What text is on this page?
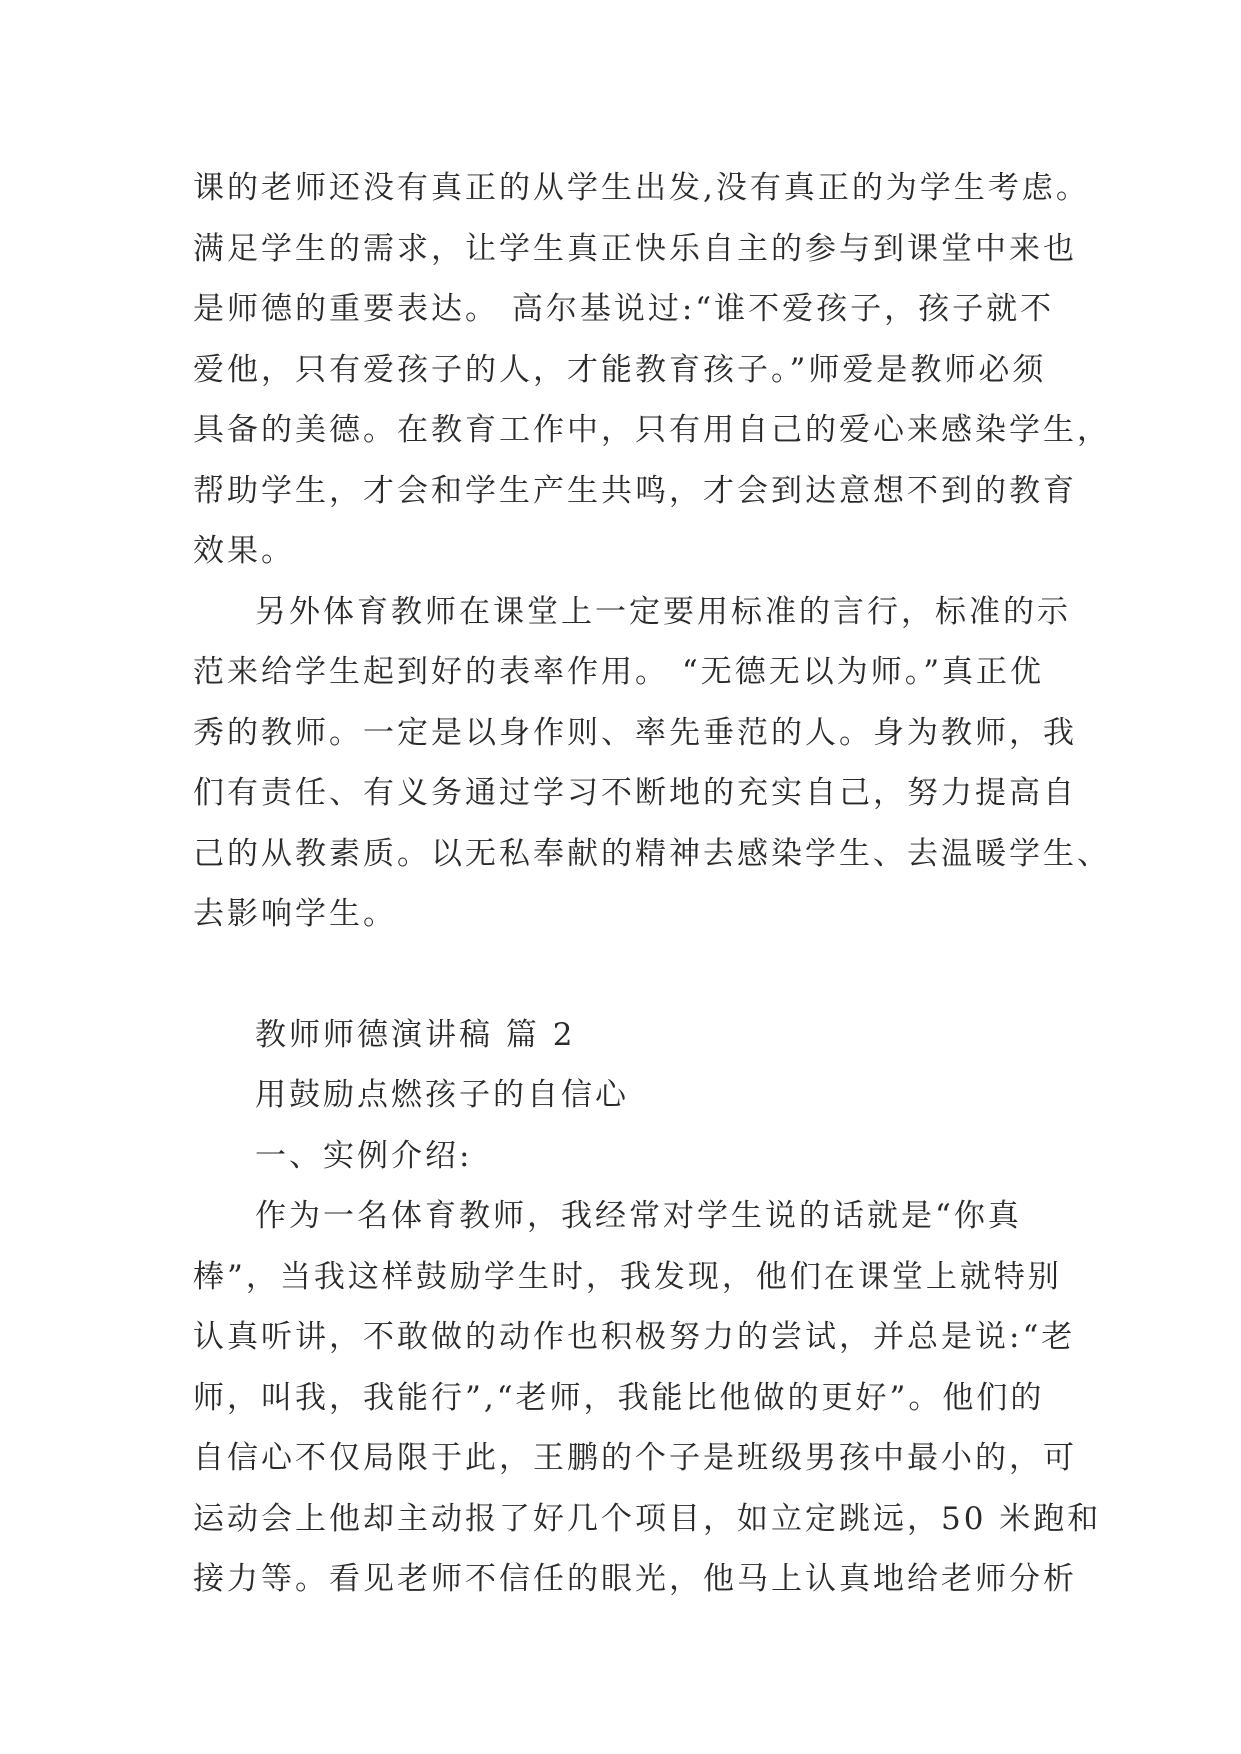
课的老师还没有真正的从学生出发,没有真正的为学生考虑。
满足学生的需求，让学生真正快乐自主的参与到课堂中来也
是师德的重要表达。 高尔基说过:“谁不爱孩子，孩子就不
爱他，只有爱孩子的人，才能教育孩子。”师爱是教师必须
具备的美德。在教育工作中，只有用自己的爱心来感染学生，
帮助学生，才会和学生产生共鸣，才会到达意想不到的教育
效果。
另外体育教师在课堂上一定要用标准的言行，标准的示
范来给学生起到好的表率作用。 “无德无以为师。”真正优
秀的教师。一定是以身作则、率先垂范的人。身为教师，我
们有责任、有义务通过学习不断地的充实自己，努力提高自
己的从教素质。以无私奉献的精神去感染学生、去温暖学生、
去影响学生。
教师师德演讲稿 篇 2
用鼓励点燃孩子的自信心
一、实例介绍:
作为一名体育教师，我经常对学生说的话就是“你真
棒”，当我这样鼓励学生时，我发现，他们在课堂上就特别
认真听讲，不敢做的动作也积极努力的尝试，并总是说:“老
师，叫我，我能行”,“老师，我能比他做的更好”。他们的
自信心不仅局限于此，王鹏的个子是班级男孩中最小的，可
运动会上他却主动报了好几个项目，如立定跳远，50 米跑和
接力等。看见老师不信任的眼光，他马上认真地给老师分析
